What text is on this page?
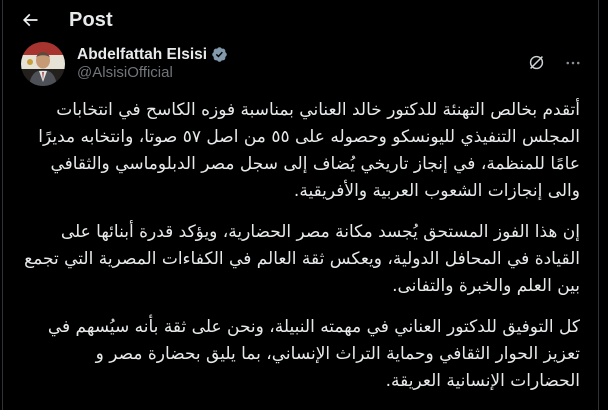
Post
Abdelfattah Elsisi
@AlsisiOfficial

أتقدم بخالص التهنئة للدكتور خالد العناني بمناسبة فوزه الكاسح في انتخابات المجلس التنفيذي لليونسكو وحصوله على ٥٥ من اصل ٥٧ صوتا، وانتخابه مديرًا عامًا للمنظمة، في إنجاز تاريخي يُضاف إلى سجل مصر الدبلوماسي والثقافي والى إنجازات الشعوب العربية والأفريقية.

إن هذا الفوز المستحق يُجسد مكانة مصر الحضارية، ويؤكد قدرة أبنائها على القيادة في المحافل الدولية، ويعكس ثقة العالم في الكفاءات المصرية التي تجمع بين العلم والخبرة والتفانى.

كل التوفيق للدكتور العناني في مهمته النبيلة، ونحن على ثقة بأنه سيُسهم في تعزيز الحوار الثقافي وحماية التراث الإنساني، بما يليق بحضارة مصر و الحضارات الإنسانية العريقة.
